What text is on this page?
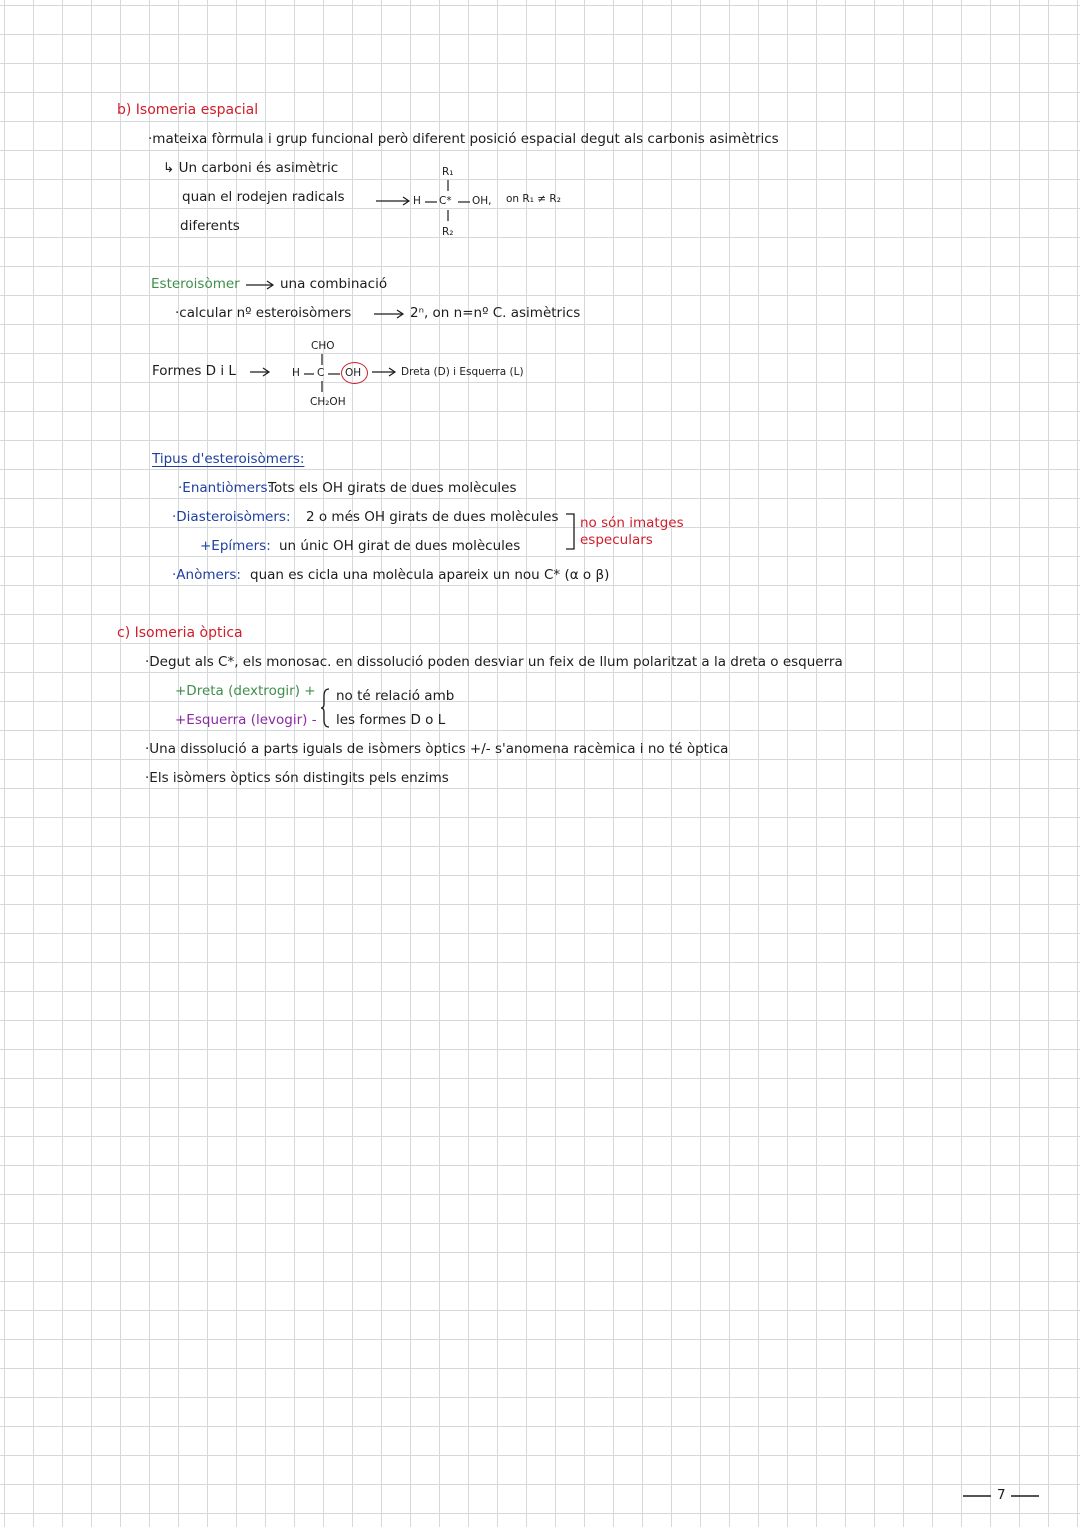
b) Isomeria espacial
·mateixa fòrmula i grup funcional però diferent posició espacial degut als carbonis asimètrics
↳ Un carboni és asimètric
quan el rodejen radicals
diferents
R₁
H C* OH, on R₁ ≠ R₂
R₂
Esteroisòmer	una combinació
·calcular nº esteroisòmers	2ⁿ, on n=nº C. asimètrics
Formes D i L
CHO
H C OH
CH₂OH
Dreta (D) i Esquerra (L)
Tipus d'esteroisòmers:
·Enantiòmers:
Tots els OH girats de dues molècules
·Diasteroisòmers: 2 o més OH girats de dues molècules
+Epímers: un únic OH girat de dues molècules
no són imatges
especulars
·Anòmers: quan es cicla una molècula apareix un nou C* (α o β)
c) Isomeria òptica
·Degut als C*, els monosac. en dissolució poden desviar un feix de llum polaritzat a la dreta o esquerra
+Dreta (dextrogir) +
+Esquerra (levogir) -
no té relació amb
les formes D o L
·Una dissolució a parts iguals de isòmers òptics +/- s'anomena racèmica i no té òptica
·Els isòmers òptics són distingits pels enzims
7
